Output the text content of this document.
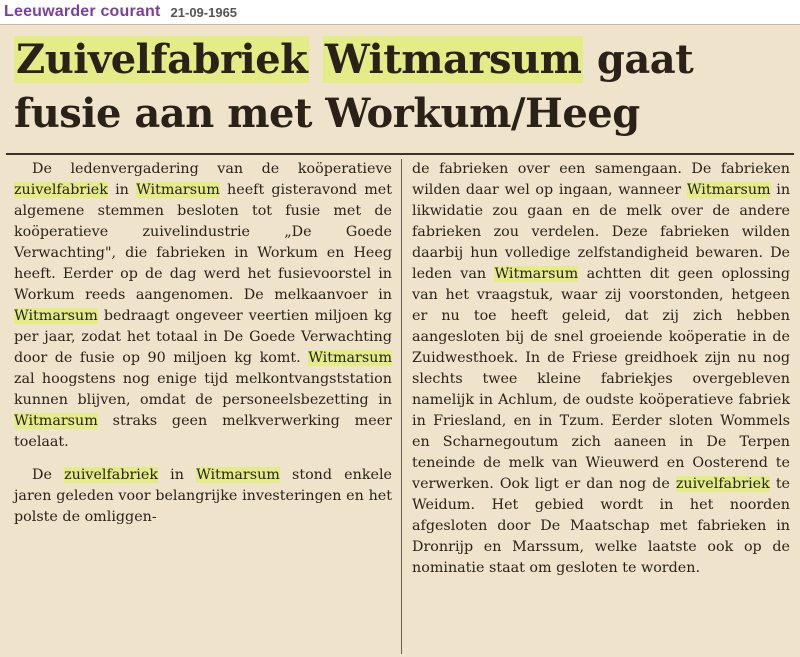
Leeuwarder courant 21-09-1965
Zuivelfabriek Witmarsum gaat
fusie aan met Workum/Heeg

De ledenvergadering van de koöperatieve zuivelfabriek in Witmarsum heeft gisteravond met algemene stemmen besloten tot fusie met de koöperatieve zuivelindustrie „De Goede Verwachting", die fabrieken in Workum en Heeg heeft. Eerder op de dag werd het fusievoorstel in Workum reeds aangenomen. De melkaanvoer in Witmarsum bedraagt ongeveer veertien miljoen kg per jaar, zodat het totaal in De Goede Verwachting door de fusie op 90 miljoen kg komt. Witmarsum zal hoogstens nog enige tijd melkontvangststation kunnen blijven, omdat de personeelsbezetting in Witmarsum straks geen melkverwerking meer toelaat.

De zuivelfabriek in Witmarsum stond enkele jaren geleden voor belangrijke investeringen en het polste de omliggen-

de fabrieken over een samengaan. De fabrieken wilden daar wel op ingaan, wanneer Witmarsum in likwidatie zou gaan en de melk over de andere fabrieken zou verdelen. Deze fabrieken wilden daarbij hun volledige zelfstandigheid bewaren. De leden van Witmarsum achtten dit geen oplossing van het vraagstuk, waar zij voorstonden, hetgeen er nu toe heeft geleid, dat zij zich hebben aangesloten bij de snel groeiende koöperatie in de Zuidwesthoek. In de Friese greidhoek zijn nu nog slechts twee kleine fabriekjes overgebleven namelijk in Achlum, de oudste koöperatieve fabriek in Friesland, en in Tzum. Eerder sloten Wommels en Scharnegoutum zich aaneen in De Terpen teneinde de melk van Wieuwerd en Oosterend te verwerken. Ook ligt er dan nog de zuivelfabriek te Weidum. Het gebied wordt in het noorden afgesloten door De Maatschap met fabrieken in Dronrijp en Marssum, welke laatste ook op de nominatie staat om gesloten te worden.
